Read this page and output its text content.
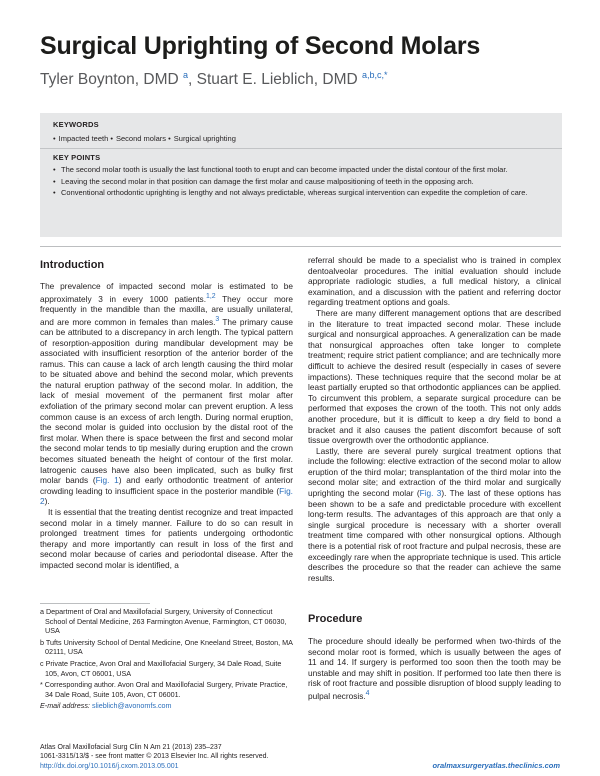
Surgical Uprighting of Second Molars
Tyler Boynton, DMD $^a$, Stuart E. Lieblich, DMD $^{a,b,c,*}$
KEYWORDS
• Impacted teeth • Second molars • Surgical uprighting
KEY POINTS
• The second molar tooth is usually the last functional tooth to erupt and can become impacted under the distal contour of the first molar.
• Leaving the second molar in that position can damage the first molar and cause malpositioning of teeth in the opposing arch.
• Conventional orthodontic uprighting is lengthy and not always predictable, whereas surgical intervention can expedite the completion of care.
Introduction

The prevalence of impacted second molar is estimated to be approximately 3 in every 1000 patients.$^{1,2}$ They occur more frequently in the mandible than the maxilla, are usually unilateral, and are more common in females than males.$^3$ The primary cause can be attributed to a discrepancy in arch length. The typical pattern of resorption-apposition during mandibular development may be associated with insufficient resorption of the anterior border of the ramus. This can cause a lack of arch length causing the third molar to be situated above and behind the second molar, which prevents the natural eruption pathway of the second molar. In addition, the lack of mesial movement of the permanent first molar after exfoliation of the primary second molar can prevent eruption. A less common cause is an excess of arch length. During normal eruption, the second molar is guided into occlusion by the distal root of the first molar. When there is space between the first and second molar the second molar tends to tip mesially during eruption and the crown becomes situated beneath the height of contour of the first molar. Iatrogenic causes have also been implicated, such as bulky first molar bands (Fig. 1) and early orthodontic treatment of anterior crowding leading to insufficient space in the posterior mandible (Fig. 2).

It is essential that the treating dentist recognize and treat impacted second molar in a timely manner. Failure to do so can result in prolonged treatment times for patients undergoing orthodontic therapy and more importantly can result in loss of the first and second molar because of caries and periodontal disease. After the impacted second molar is identified, a

referral should be made to a specialist who is trained in complex dentoalveolar procedures. The initial evaluation should include appropriate radiologic studies, a full medical history, a clinical examination, and a discussion with the patient and referring doctor regarding treatment options and goals.

There are many different management options that are described in the literature to treat impacted second molar. These include surgical and nonsurgical approaches. A generalization can be made that nonsurgical approaches often take longer to complete treatment; require strict patient compliance; and are technically more difficult to achieve the desired result (especially in cases of severe impactions). These techniques require that the second molar be at least partially erupted so that orthodontic appliances can be applied. To circumvent this problem, a separate surgical procedure can be performed that exposes the crown of the tooth. This not only adds another procedure, but it is difficult to keep a dry field to bond a bracket and it also causes the patient discomfort because of soft tissue overgrowth over the orthodontic appliance.

Lastly, there are several purely surgical treatment options that include the following: elective extraction of the second molar to allow eruption of the third molar; transplantation of the third molar into the second molar site; and extraction of the third molar and surgically uprighting the second molar (Fig. 3). The last of these options has been shown to be a safe and predictable procedure with excellent long-term results. The advantages of this approach are that only a single surgical procedure is necessary with a shorter overall treatment time compared with other nonsurgical options. Although there is a potential risk of root fracture and pulpal necrosis, these are exceedingly rare when the appropriate technique is used. This article describes the procedure so that the reader can achieve the same results.

Procedure

The procedure should ideally be performed when two-thirds of the second molar root is formed, which is usually between the ages of 11 and 14. If surgery is performed too soon then the tooth may be unstable and may shift in position. If performed too late then there is risk of root fracture and possible disruption of blood supply leading to pulpal necrosis.$^4$

a Department of Oral and Maxillofacial Surgery, University of Connecticut School of Dental Medicine, 263 Farmington Avenue, Farmington, CT 06030, USA

b Tufts University School of Dental Medicine, One Kneeland Street, Boston, MA 02111, USA

c Private Practice, Avon Oral and Maxillofacial Surgery, 34 Dale Road, Suite 105, Avon, CT 06001, USA

* Corresponding author. Avon Oral and Maxillofacial Surgery, Private Practice, 34 Dale Road, Suite 105, Avon, CT 06001.

E-mail address: slieblich@avonomfs.com

Atlas Oral Maxillofacial Surg Clin N Am 21 (2013) 235–237
1061-3315/13/$ - see front matter © 2013 Elsevier Inc. All rights reserved.
http://dx.doi.org/10.1016/j.cxom.2013.05.001	oralmaxsurgeryatlas.theclinics.com
